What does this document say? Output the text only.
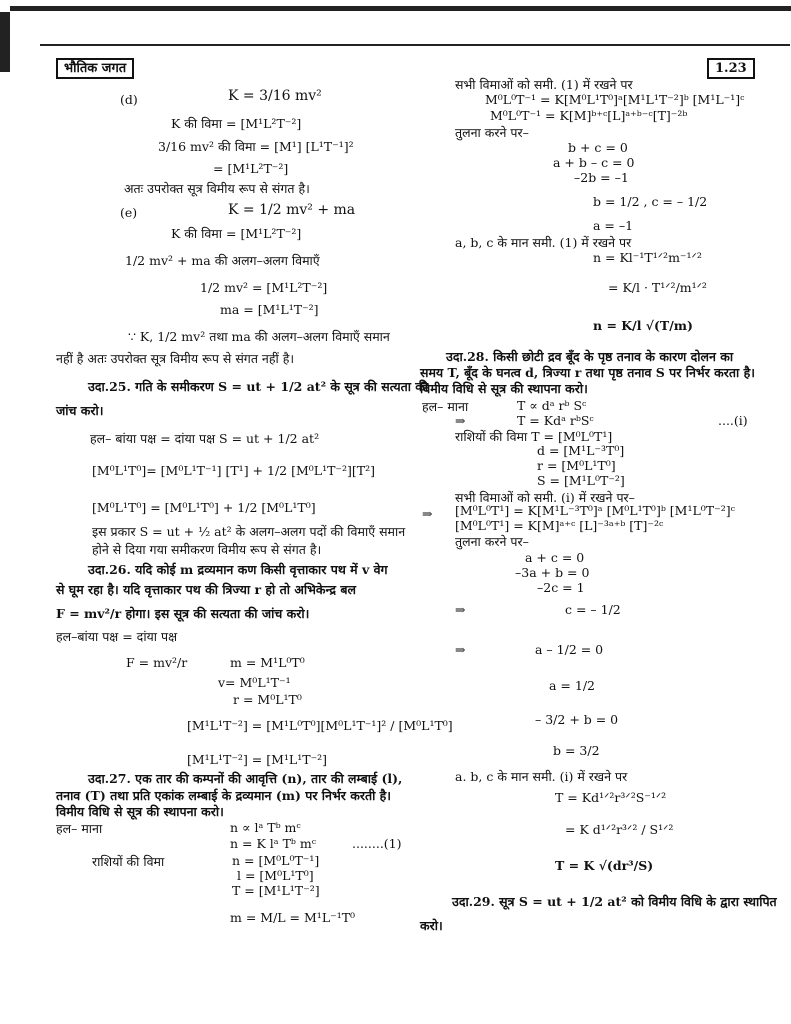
भौतिक जगत	1.23
(d)	K = 3/16 mv²
K की विमा = [M¹L²T⁻²]
3/16 mv² की विमा = [M¹] [L¹T⁻¹]²
= [M¹L²T⁻²]
अतः उपरोक्त सूत्र विमीय रूप से संगत है।
(e)	K = 1/2 mv² + ma
K की विमा = [M¹L²T⁻²]
1/2 mv² + ma की अलग–अलग विमाएँ
1/2 mv² = [M¹L²T⁻²]
ma = [M¹L¹T⁻²]
∵ K, 1/2 mv² तथा ma की अलग–अलग विमाएँ समान
नहीं है अतः उपरोक्त सूत्र विमीय रूप से संगत नहीं है।
उदा.25. गति के समीकरण S = ut + 1/2 at² के सूत्र की सत्यता की
जांच करो।
हल– बांया पक्ष = दांया पक्ष S = ut + 1/2 at²
[M⁰L¹T⁰]= [M⁰L¹T⁻¹] [T¹] + 1/2 [M⁰L¹T⁻²][T²]
[M⁰L¹T⁰] = [M⁰L¹T⁰] + 1/2 [M⁰L¹T⁰]
इस प्रकार S = ut + ½ at² के अलग–अलग पदों की विमाएँ समान
होने से दिया गया समीकरण विमीय रूप से संगत है।
उदा.26. यदि कोई m द्रव्यमान कण किसी वृत्ताकार पथ में v वेग
से घूम रहा है। यदि वृत्ताकार पथ की त्रिज्या r हो तो अभिकेन्द्र बल
F = mv²/r होगा। इस सूत्र की सत्यता की जांच करो।
हल–बांया पक्ष = दांया पक्ष
F = mv²/r	m = M¹L⁰T⁰
v= M⁰L¹T⁻¹
r = M⁰L¹T⁰
[M¹L¹T⁻²] = [M¹L⁰T⁰][M⁰L¹T⁻¹]² / [M⁰L¹T⁰]
[M¹L¹T⁻²] = [M¹L¹T⁻²]
उदा.27. एक तार की कम्पनों की आवृत्ति (n), तार की लम्बाई (l),
तनाव (T) तथा प्रति एकांक लम्बाई के द्रव्यमान (m) पर निर्भर करती है।
विमीय विधि से सूत्र की स्थापना करो।
हल– माना	n ∝ lᵃ Tᵇ mᶜ
n = K lᵃ Tᵇ mᶜ	........(1)
राशियों की विमा	n = [M⁰L⁰T⁻¹]
l = [M⁰L¹T⁰]
T = [M¹L¹T⁻²]
m = M/L = M¹L⁻¹T⁰
सभी विमाओं को समी. (1) में रखने पर
M⁰L⁰T⁻¹ = K[M⁰L¹T⁰]ᵃ[M¹L¹T⁻²]ᵇ [M¹L⁻¹]ᶜ
M⁰L⁰T⁻¹ = K[M]ᵇ⁺ᶜ[L]ᵃ⁺ᵇ⁻ᶜ[T]⁻²ᵇ
तुलना करने पर–
b + c = 0
a + b – c = 0
–2b = –1
b = 1/2 , c = – 1/2
a = –1
a, b, c के मान समी. (1) में रखने पर
n = Kl⁻¹T¹ᐟ²m⁻¹ᐟ²
= K/l · T¹ᐟ²/m¹ᐟ²
n = K/l √(T/m)
उदा.28. किसी छोटी द्रव बूँद के पृष्ठ तनाव के कारण दोलन का
समय T, बूँद के घनत्व d, त्रिज्या r तथा पृष्ठ तनाव S पर निर्भर करता है।
विमीय विधि से सूत्र की स्थापना करो।
हल– माना	T ∝ dᵃ rᵇ Sᶜ
⇒	T = Kdᵃ rᵇSᶜ	....(i)
राशियों की विमा T = [M⁰L⁰T¹]
d = [M¹L⁻³T⁰]
r = [M⁰L¹T⁰]
S = [M¹L⁰T⁻²]
सभी विमाओं को समी. (i) में रखने पर–
⇒ [M⁰L⁰T¹] = K[M¹L⁻³T⁰]ᵃ [M⁰L¹T⁰]ᵇ [M¹L⁰T⁻²]ᶜ
[M⁰L⁰T¹] = K[M]ᵃ⁺ᶜ [L]⁻³ᵃ⁺ᵇ [T]⁻²ᶜ
तुलना करने पर–
a + c = 0
–3a + b = 0
–2c = 1
⇒	c = – 1/2
⇒	a – 1/2 = 0
a = 1/2
– 3/2 + b = 0
b = 3/2
a. b, c के मान समी. (i) में रखने पर
T = Kd¹ᐟ²r³ᐟ²S⁻¹ᐟ²
= K d¹ᐟ²r³ᐟ² / S¹ᐟ²
T = K √(dr³/S)
उदा.29. सूत्र S = ut + 1/2 at² को विमीय विधि के द्वारा स्थापित
करो।
